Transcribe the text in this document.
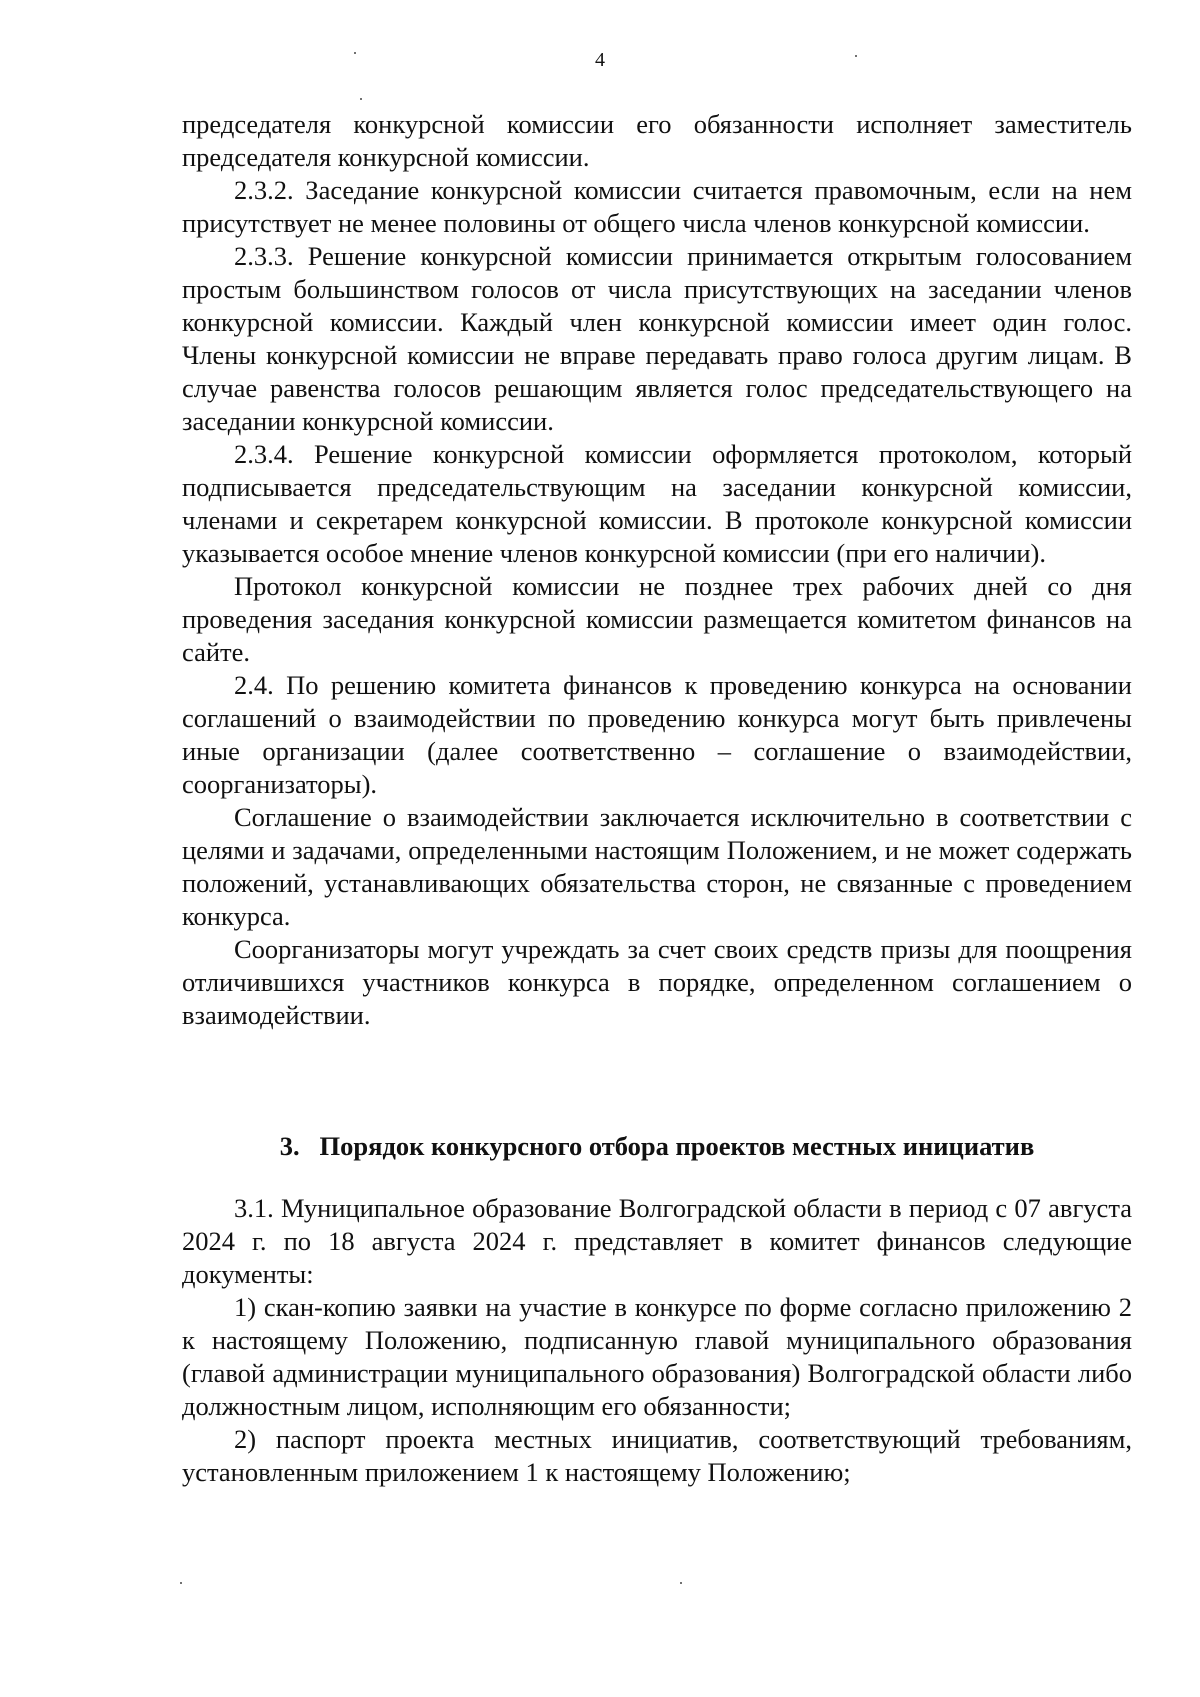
4

председателя конкурсной комиссии его обязанности исполняет заместитель председателя конкурсной комиссии.

2.3.2. Заседание конкурсной комиссии считается правомочным, если на нем присутствует не менее половины от общего числа членов конкурсной комиссии.

2.3.3. Решение конкурсной комиссии принимается открытым голосованием простым большинством голосов от числа присутствующих на заседании членов конкурсной комиссии. Каждый член конкурсной комиссии имеет один голос. Члены конкурсной комиссии не вправе передавать право голоса другим лицам. В случае равенства голосов решающим является голос председательствующего на заседании конкурсной комиссии.

2.3.4. Решение конкурсной комиссии оформляется протоколом, который подписывается председательствующим на заседании конкурсной комиссии, членами и секретарем конкурсной комиссии. В протоколе конкурсной комиссии указывается особое мнение членов конкурсной комиссии (при его наличии).

Протокол конкурсной комиссии не позднее трех рабочих дней со дня проведения заседания конкурсной комиссии размещается комитетом финансов на сайте.

2.4. По решению комитета финансов к проведению конкурса на основании соглашений о взаимодействии по проведению конкурса могут быть привлечены иные организации (далее соответственно – соглашение о взаимодействии, соорганизаторы).

Соглашение о взаимодействии заключается исключительно в соответствии с целями и задачами, определенными настоящим Положением, и не может содержать положений, устанавливающих обязательства сторон, не связанные с проведением конкурса.

Соорганизаторы могут учреждать за счет своих средств призы для поощрения отличившихся участников конкурса в порядке, определенном соглашением о взаимодействии.

3.   Порядок конкурсного отбора проектов местных инициатив

3.1. Муниципальное образование Волгоградской области в период с 07 августа 2024 г. по 18 августа 2024 г. представляет в комитет финансов следующие документы:

1) скан-копию заявки на участие в конкурсе по форме согласно приложению 2 к настоящему Положению, подписанную главой муниципального образования (главой администрации муниципального образования) Волгоградской области либо должностным лицом, исполняющим его обязанности;

2) паспорт проекта местных инициатив, соответствующий требованиям, установленным приложением 1 к настоящему Положению;
